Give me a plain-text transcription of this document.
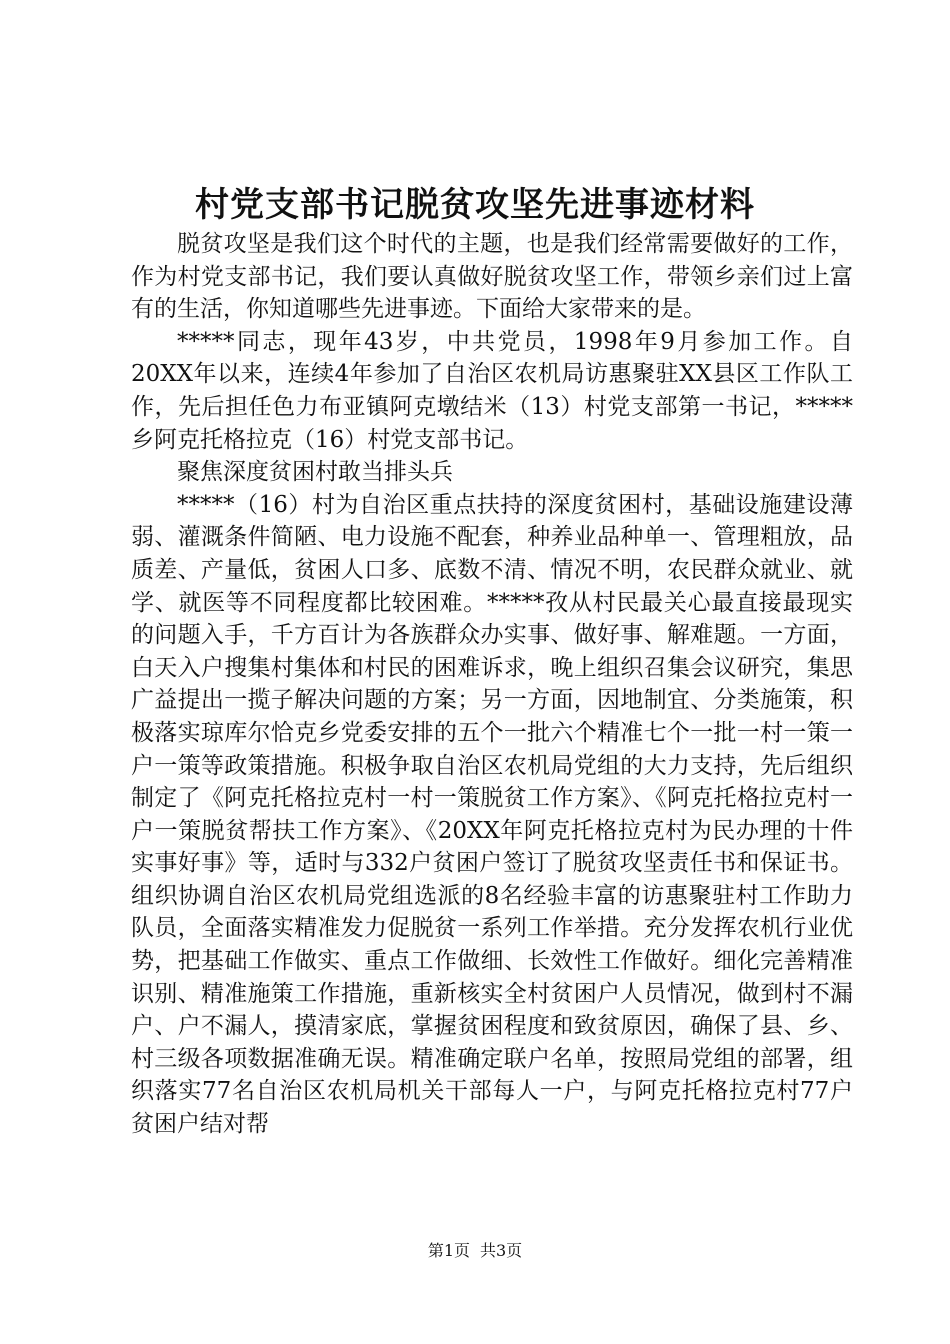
村党支部书记脱贫攻坚先进事迹材料

脱贫攻坚是我们这个时代的主题，也是我们经常需要做好的工作，作为村党支部书记，我们要认真做好脱贫攻坚工作，带领乡亲们过上富有的生活，你知道哪些先进事迹。下面给大家带来的是。

*****同志，现年43岁，中共党员，1998年9月参加工作。自20XX年以来，连续4年参加了自治区农机局访惠聚驻XX县区工作队工作，先后担任色力布亚镇阿克墩结米（13）村党支部第一书记，*****乡阿克托格拉克（16）村党支部书记。

聚焦深度贫困村敢当排头兵

*****（16）村为自治区重点扶持的深度贫困村，基础设施建设薄弱、灌溉条件简陋、电力设施不配套，种养业品种单一、管理粗放，品质差、产量低，贫困人口多、底数不清、情况不明，农民群众就业、就学、就医等不同程度都比较困难。*****孜从村民最关心最直接最现实的问题入手，千方百计为各族群众办实事、做好事、解难题。一方面，白天入户搜集村集体和村民的困难诉求，晚上组织召集会议研究，集思广益提出一揽子解决问题的方案；另一方面，因地制宜、分类施策，积极落实琼库尔恰克乡党委安排的五个一批六个精准七个一批一村一策一户一策等政策措施。积极争取自治区农机局党组的大力支持，先后组织制定了《阿克托格拉克村一村一策脱贫工作方案》、《阿克托格拉克村一户一策脱贫帮扶工作方案》、《20XX年阿克托格拉克村为民办理的十件实事好事》等，适时与332户贫困户签订了脱贫攻坚责任书和保证书。组织协调自治区农机局党组选派的8名经验丰富的访惠聚驻村工作助力队员，全面落实精准发力促脱贫一系列工作举措。充分发挥农机行业优势，把基础工作做实、重点工作做细、长效性工作做好。细化完善精准识别、精准施策工作措施，重新核实全村贫困户人员情况，做到村不漏户、户不漏人，摸清家底，掌握贫困程度和致贫原因，确保了县、乡、村三级各项数据准确无误。精准确定联户名单，按照局党组的部署，组织落实77名自治区农机局机关干部每人一户，与阿克托格拉克村77户贫困户结对帮

第1页 共3页
